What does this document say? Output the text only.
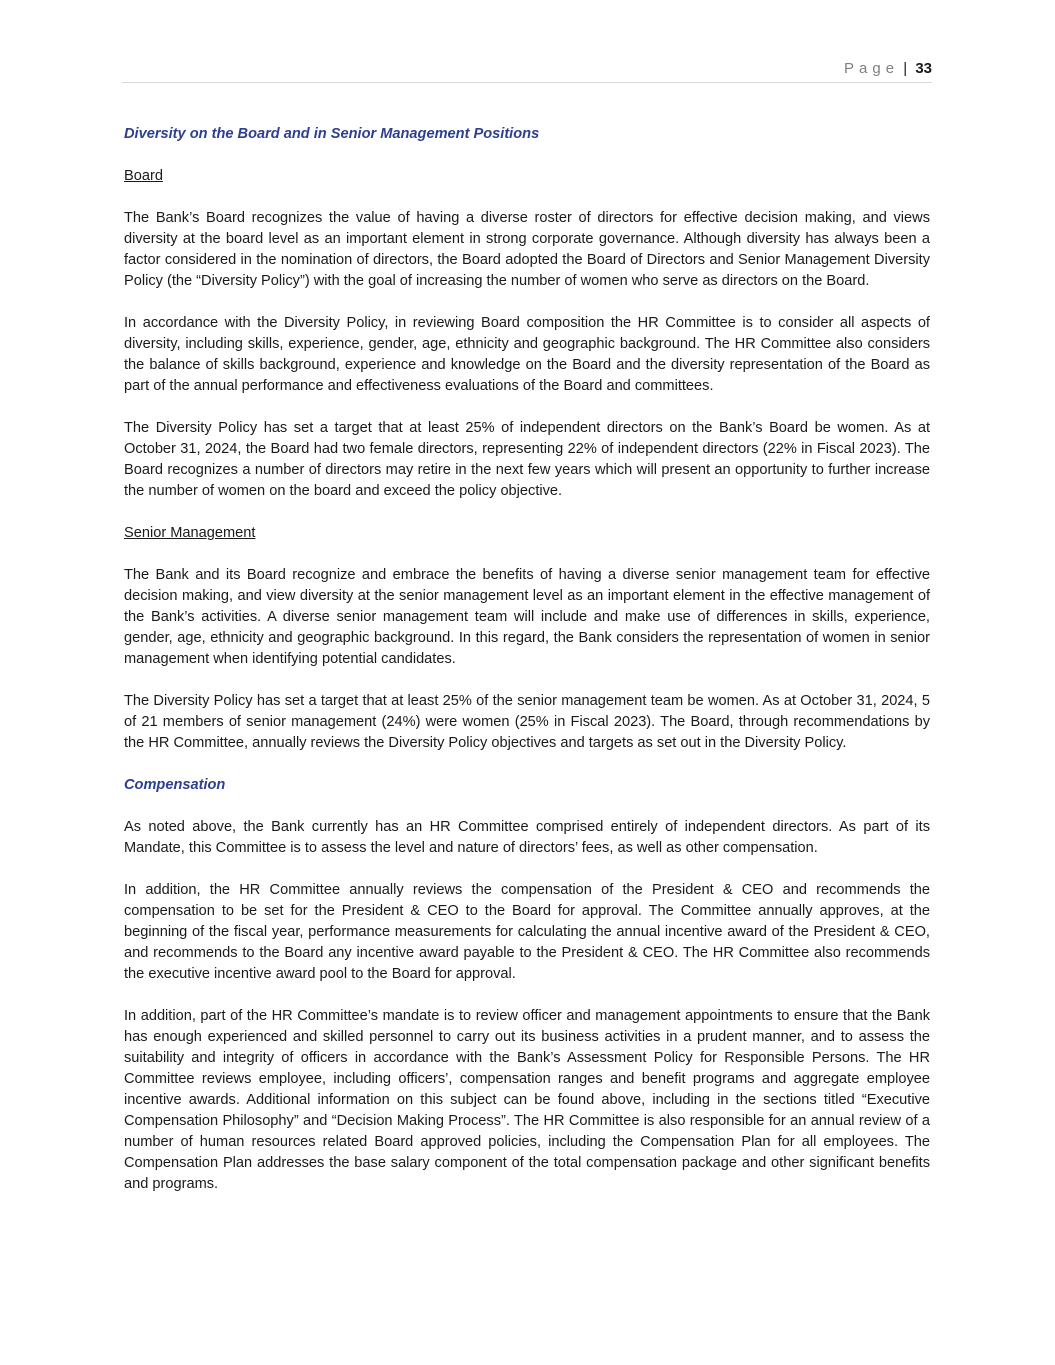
Page | 33
Diversity on the Board and in Senior Management Positions
Board

The Bank’s Board recognizes the value of having a diverse roster of directors for effective decision making, and views diversity at the board level as an important element in strong corporate governance. Although diversity has always been a factor considered in the nomination of directors, the Board adopted the Board of Directors and Senior Management Diversity Policy (the “Diversity Policy”) with the goal of increasing the number of women who serve as directors on the Board.

In accordance with the Diversity Policy, in reviewing Board composition the HR Committee is to consider all aspects of diversity, including skills, experience, gender, age, ethnicity and geographic background. The HR Committee also considers the balance of skills background, experience and knowledge on the Board and the diversity representation of the Board as part of the annual performance and effectiveness evaluations of the Board and committees.

The Diversity Policy has set a target that at least 25% of independent directors on the Bank’s Board be women. As at October 31, 2024, the Board had two female directors, representing 22% of independent directors (22% in Fiscal 2023). The Board recognizes a number of directors may retire in the next few years which will present an opportunity to further increase the number of women on the board and exceed the policy objective.

Senior Management

The Bank and its Board recognize and embrace the benefits of having a diverse senior management team for effective decision making, and view diversity at the senior management level as an important element in the effective management of the Bank’s activities. A diverse senior management team will include and make use of differences in skills, experience, gender, age, ethnicity and geographic background. In this regard, the Bank considers the representation of women in senior management when identifying potential candidates.

The Diversity Policy has set a target that at least 25% of the senior management team be women. As at October 31, 2024, 5 of 21 members of senior management (24%) were women (25% in Fiscal 2023). The Board, through recommendations by the HR Committee, annually reviews the Diversity Policy objectives and targets as set out in the Diversity Policy.

Compensation

As noted above, the Bank currently has an HR Committee comprised entirely of independent directors. As part of its Mandate, this Committee is to assess the level and nature of directors’ fees, as well as other compensation.

In addition, the HR Committee annually reviews the compensation of the President & CEO and recommends the compensation to be set for the President & CEO to the Board for approval. The Committee annually approves, at the beginning of the fiscal year, performance measurements for calculating the annual incentive award of the President & CEO, and recommends to the Board any incentive award payable to the President & CEO. The HR Committee also recommends the executive incentive award pool to the Board for approval.

In addition, part of the HR Committee’s mandate is to review officer and management appointments to ensure that the Bank has enough experienced and skilled personnel to carry out its business activities in a prudent manner, and to assess the suitability and integrity of officers in accordance with the Bank’s Assessment Policy for Responsible Persons. The HR Committee reviews employee, including officers’, compensation ranges and benefit programs and aggregate employee incentive awards. Additional information on this subject can be found above, including in the sections titled “Executive Compensation Philosophy” and “Decision Making Process”. The HR Committee is also responsible for an annual review of a number of human resources related Board approved policies, including the Compensation Plan for all employees. The Compensation Plan addresses the base salary component of the total compensation package and other significant benefits and programs.
